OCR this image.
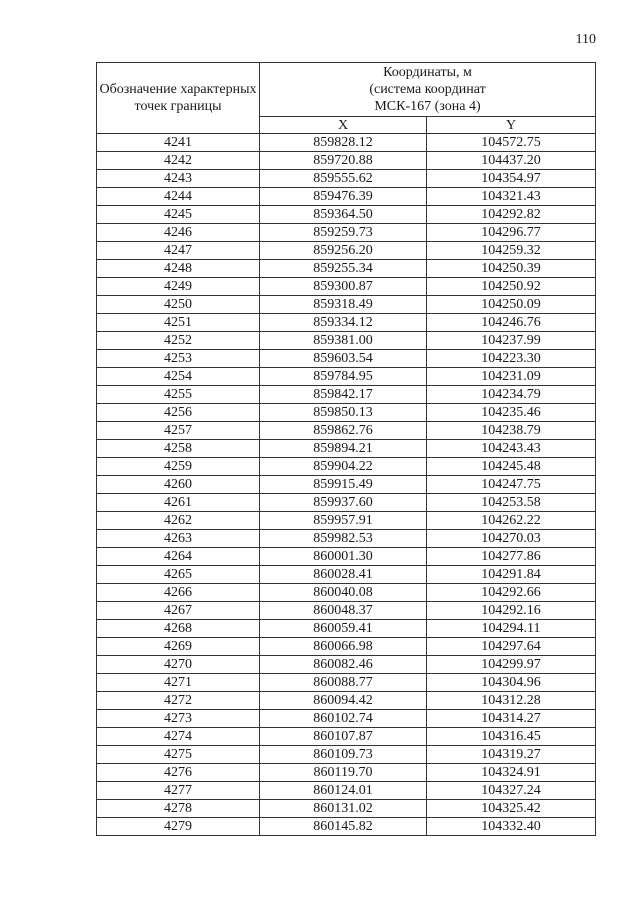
110
Обозначение характерных точек границы	Координаты, м
(система координат
МСК-167 (зона 4)	
	X	Y
4241	859828.12	104572.75
4242	859720.88	104437.20
4243	859555.62	104354.97
4244	859476.39	104321.43
4245	859364.50	104292.82
4246	859259.73	104296.77
4247	859256.20	104259.32
4248	859255.34	104250.39
4249	859300.87	104250.92
4250	859318.49	104250.09
4251	859334.12	104246.76
4252	859381.00	104237.99
4253	859603.54	104223.30
4254	859784.95	104231.09
4255	859842.17	104234.79
4256	859850.13	104235.46
4257	859862.76	104238.79
4258	859894.21	104243.43
4259	859904.22	104245.48
4260	859915.49	104247.75
4261	859937.60	104253.58
4262	859957.91	104262.22
4263	859982.53	104270.03
4264	860001.30	104277.86
4265	860028.41	104291.84
4266	860040.08	104292.66
4267	860048.37	104292.16
4268	860059.41	104294.11
4269	860066.98	104297.64
4270	860082.46	104299.97
4271	860088.77	104304.96
4272	860094.42	104312.28
4273	860102.74	104314.27
4274	860107.87	104316.45
4275	860109.73	104319.27
4276	860119.70	104324.91
4277	860124.01	104327.24
4278	860131.02	104325.42
4279	860145.82	104332.40
